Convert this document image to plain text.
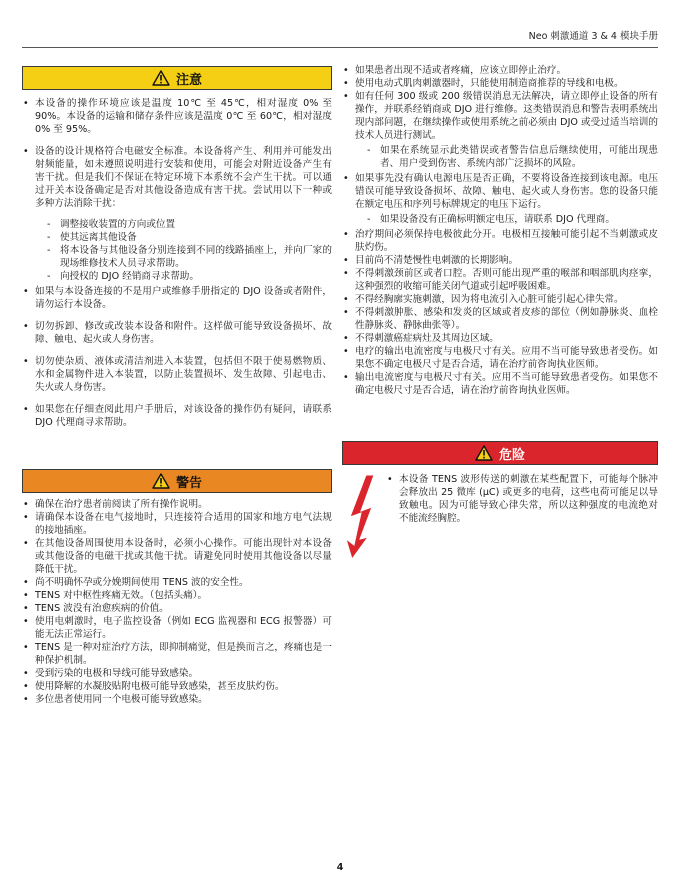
Neo 刺激通道 3 & 4 模块手册
注意
• 本设备的操作环境应该是温度 10℃ 至 45℃，相对湿度 0% 至 90%。本设备的运输和储存条件应该是温度 0℃ 至 60℃，相对湿度 0% 至 95%。
• 设备的设计规格符合电磁安全标准。本设备将产生、利用并可能发出射频能量，如未遵照说明进行安装和使用，可能会对附近设备产生有害干扰。但是我们不保证在特定环境下本系统不会产生干扰。可以通过开关本设备确定是否对其他设备造成有害干扰。尝试用以下一种或多种方法消除干扰：
- 调整接收装置的方向或位置
- 使其远离其他设备
- 将本设备与其他设备分别连接到不同的线路插座上，并向厂家的现场维修技术人员寻求帮助。
- 向授权的 DJO 经销商寻求帮助。
• 如果与本设备连接的不是用户或维修手册指定的 DJO 设备或者附件，请勿运行本设备。
• 切勿拆卸、修改或改装本设备和附件。这样做可能导致设备损坏、故障、触电、起火或人身伤害。
• 切勿使杂质、液体或清洁剂进入本装置，包括但不限于使易燃物质、水和金属物件进入本装置，以防止装置损坏、发生故障、引起电击、失火或人身伤害。
• 如果您在仔细查阅此用户手册后，对该设备的操作仍有疑问，请联系 DJO 代理商寻求帮助。
警告
• 确保在治疗患者前阅读了所有操作说明。
• 请确保本设备在电气接地时，只连接符合适用的国家和地方电气法规的接地插座。
• 在其他设备周围使用本设备时，必须小心操作。可能出现针对本设备或其他设备的电磁干扰或其他干扰。请避免同时使用其他设备以尽量降低干扰。
• 尚不明确怀孕或分娩期间使用 TENS 波的安全性。
• TENS 对中枢性疼痛无效。（包括头痛）。
• TENS 波没有治愈疾病的价值。
• 使用电刺激时，电子监控设备（例如 ECG 监视器和 ECG 报警器）可能无法正常运行。
• TENS 是一种对症治疗方法，即抑制痛觉，但是换而言之，疼痛也是一种保护机制。
• 受到污染的电极和导线可能导致感染。
• 使用降解的水凝胶贴附电极可能导致感染，甚至皮肤灼伤。
• 多位患者使用同一个电极可能导致感染。
• 如果患者出现不适或者疼痛，应该立即停止治疗。
• 使用电动式肌肉刺激器时，只能使用制造商推荐的导线和电极。
• 如有任何 300 级或 200 级错误消息无法解决，请立即停止设备的所有操作，并联系经销商或 DJO 进行维修。这类错误消息和警告表明系统出现内部问题，在继续操作或使用系统之前必须由 DJO 或受过适当培训的技术人员进行测试。
- 如果在系统显示此类错误或者警告信息后继续使用，可能出现患者、用户受到伤害、系统内部广泛损坏的风险。
• 如果事先没有确认电源电压是否正确，不要将设备连接到该电源。电压错误可能导致设备损坏、故障、触电、起火或人身伤害。您的设备只能在额定电压和序列号标牌规定的电压下运行。
- 如果设备没有正确标明额定电压，请联系 DJO 代理商。
• 治疗期间必须保持电极彼此分开。电极相互接触可能引起不当刺激或皮肤灼伤。
• 目前尚不清楚慢性电刺激的长期影响。
• 不得刺激颈前区或者口腔。否则可能出现严重的喉部和咽部肌肉痉挛，这种强烈的收缩可能关闭气道或引起呼吸困难。
• 不得经胸廓实施刺激，因为将电流引入心脏可能引起心律失常。
• 不得刺激肿胀、感染和发炎的区域或者皮疹的部位（例如静脉炎、血栓性静脉炎、静脉曲张等）。
• 不得刺激癌症病灶及其周边区域。
• 电疗的输出电流密度与电极尺寸有关。应用不当可能导致患者受伤。如果您不确定电极尺寸是否合适，请在治疗前咨询执业医师。
• 输出电流密度与电极尺寸有关。应用不当可能导致患者受伤。如果您不确定电极尺寸是否合适，请在治疗前咨询执业医师。
危险
• 本设备 TENS 波形传送的刺激在某些配置下，可能每个脉冲会释放出 25 微库 (μC) 或更多的电荷，这些电荷可能足以导致触电。因为可能导致心律失常，所以这种强度的电流绝对不能流经胸腔。
4
